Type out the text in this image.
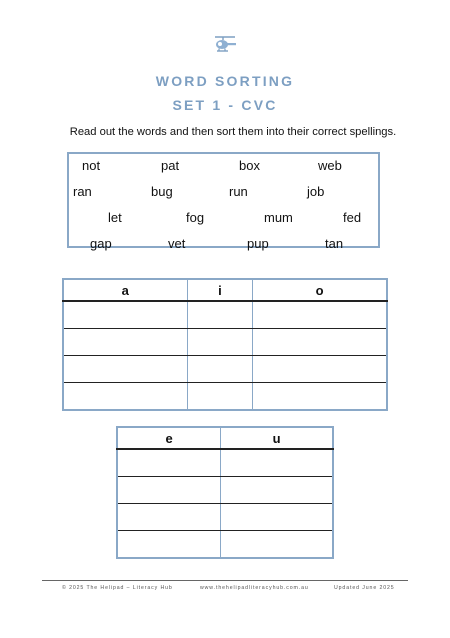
WORD SORTING
SET 1 - CVC
Read out the words and then sort them into their correct spellings.
not	pat	box	web
ran	bug	run	job
let	fog	mum	fed
gap	vet	pup	tan
a	i	o

e	u

© 2025 The Helipad – Literacy Hub	www.thehelipadliteracyhub.com.au	Updated June 2025
